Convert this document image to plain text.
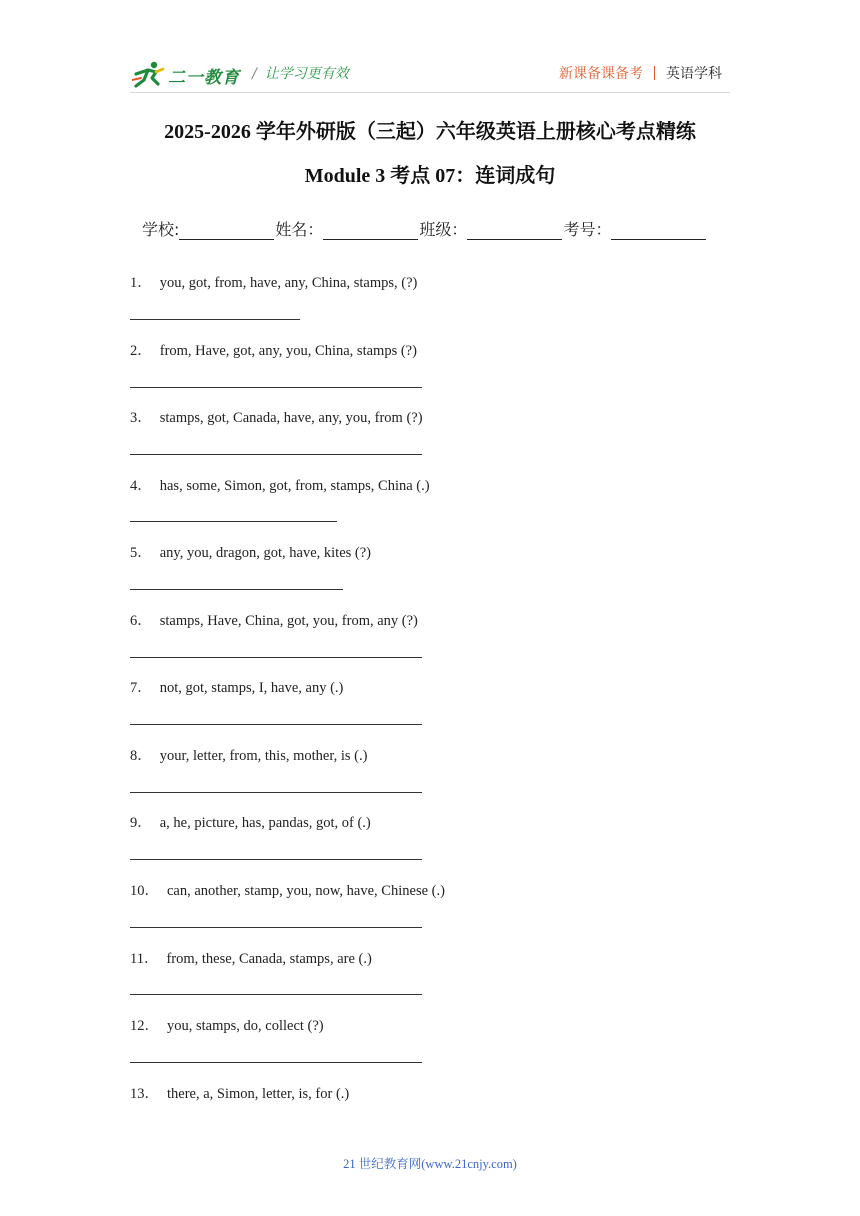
二一教育 / 让学习更有效	新课备课备考 英语学科
2025-2026 学年外研版（三起）六年级英语上册核心考点精练
Module 3 考点 07：连词成句
学校:	姓名：	班级：	考号：
1． you, got, from, have, any, China, stamps, (?)
2． from, Have, got, any, you, China, stamps (?)
3． stamps, got, Canada, have, any, you, from (?)
4． has, some, Simon, got, from, stamps, China (.)
5． any, you, dragon, got, have, kites (?)
6． stamps, Have, China, got, you, from, any (?)
7． not, got, stamps, I, have, any (.)
8． your, letter, from, this, mother, is (.)
9． a, he, picture, has, pandas, got, of (.)
10． can, another, stamp, you, now, have, Chinese (.)
11． from, these, Canada, stamps, are (.)
12． you, stamps, do, collect (?)
13． there, a, Simon, letter, is, for (.)
21 世纪教育网(www.21cnjy.com)
